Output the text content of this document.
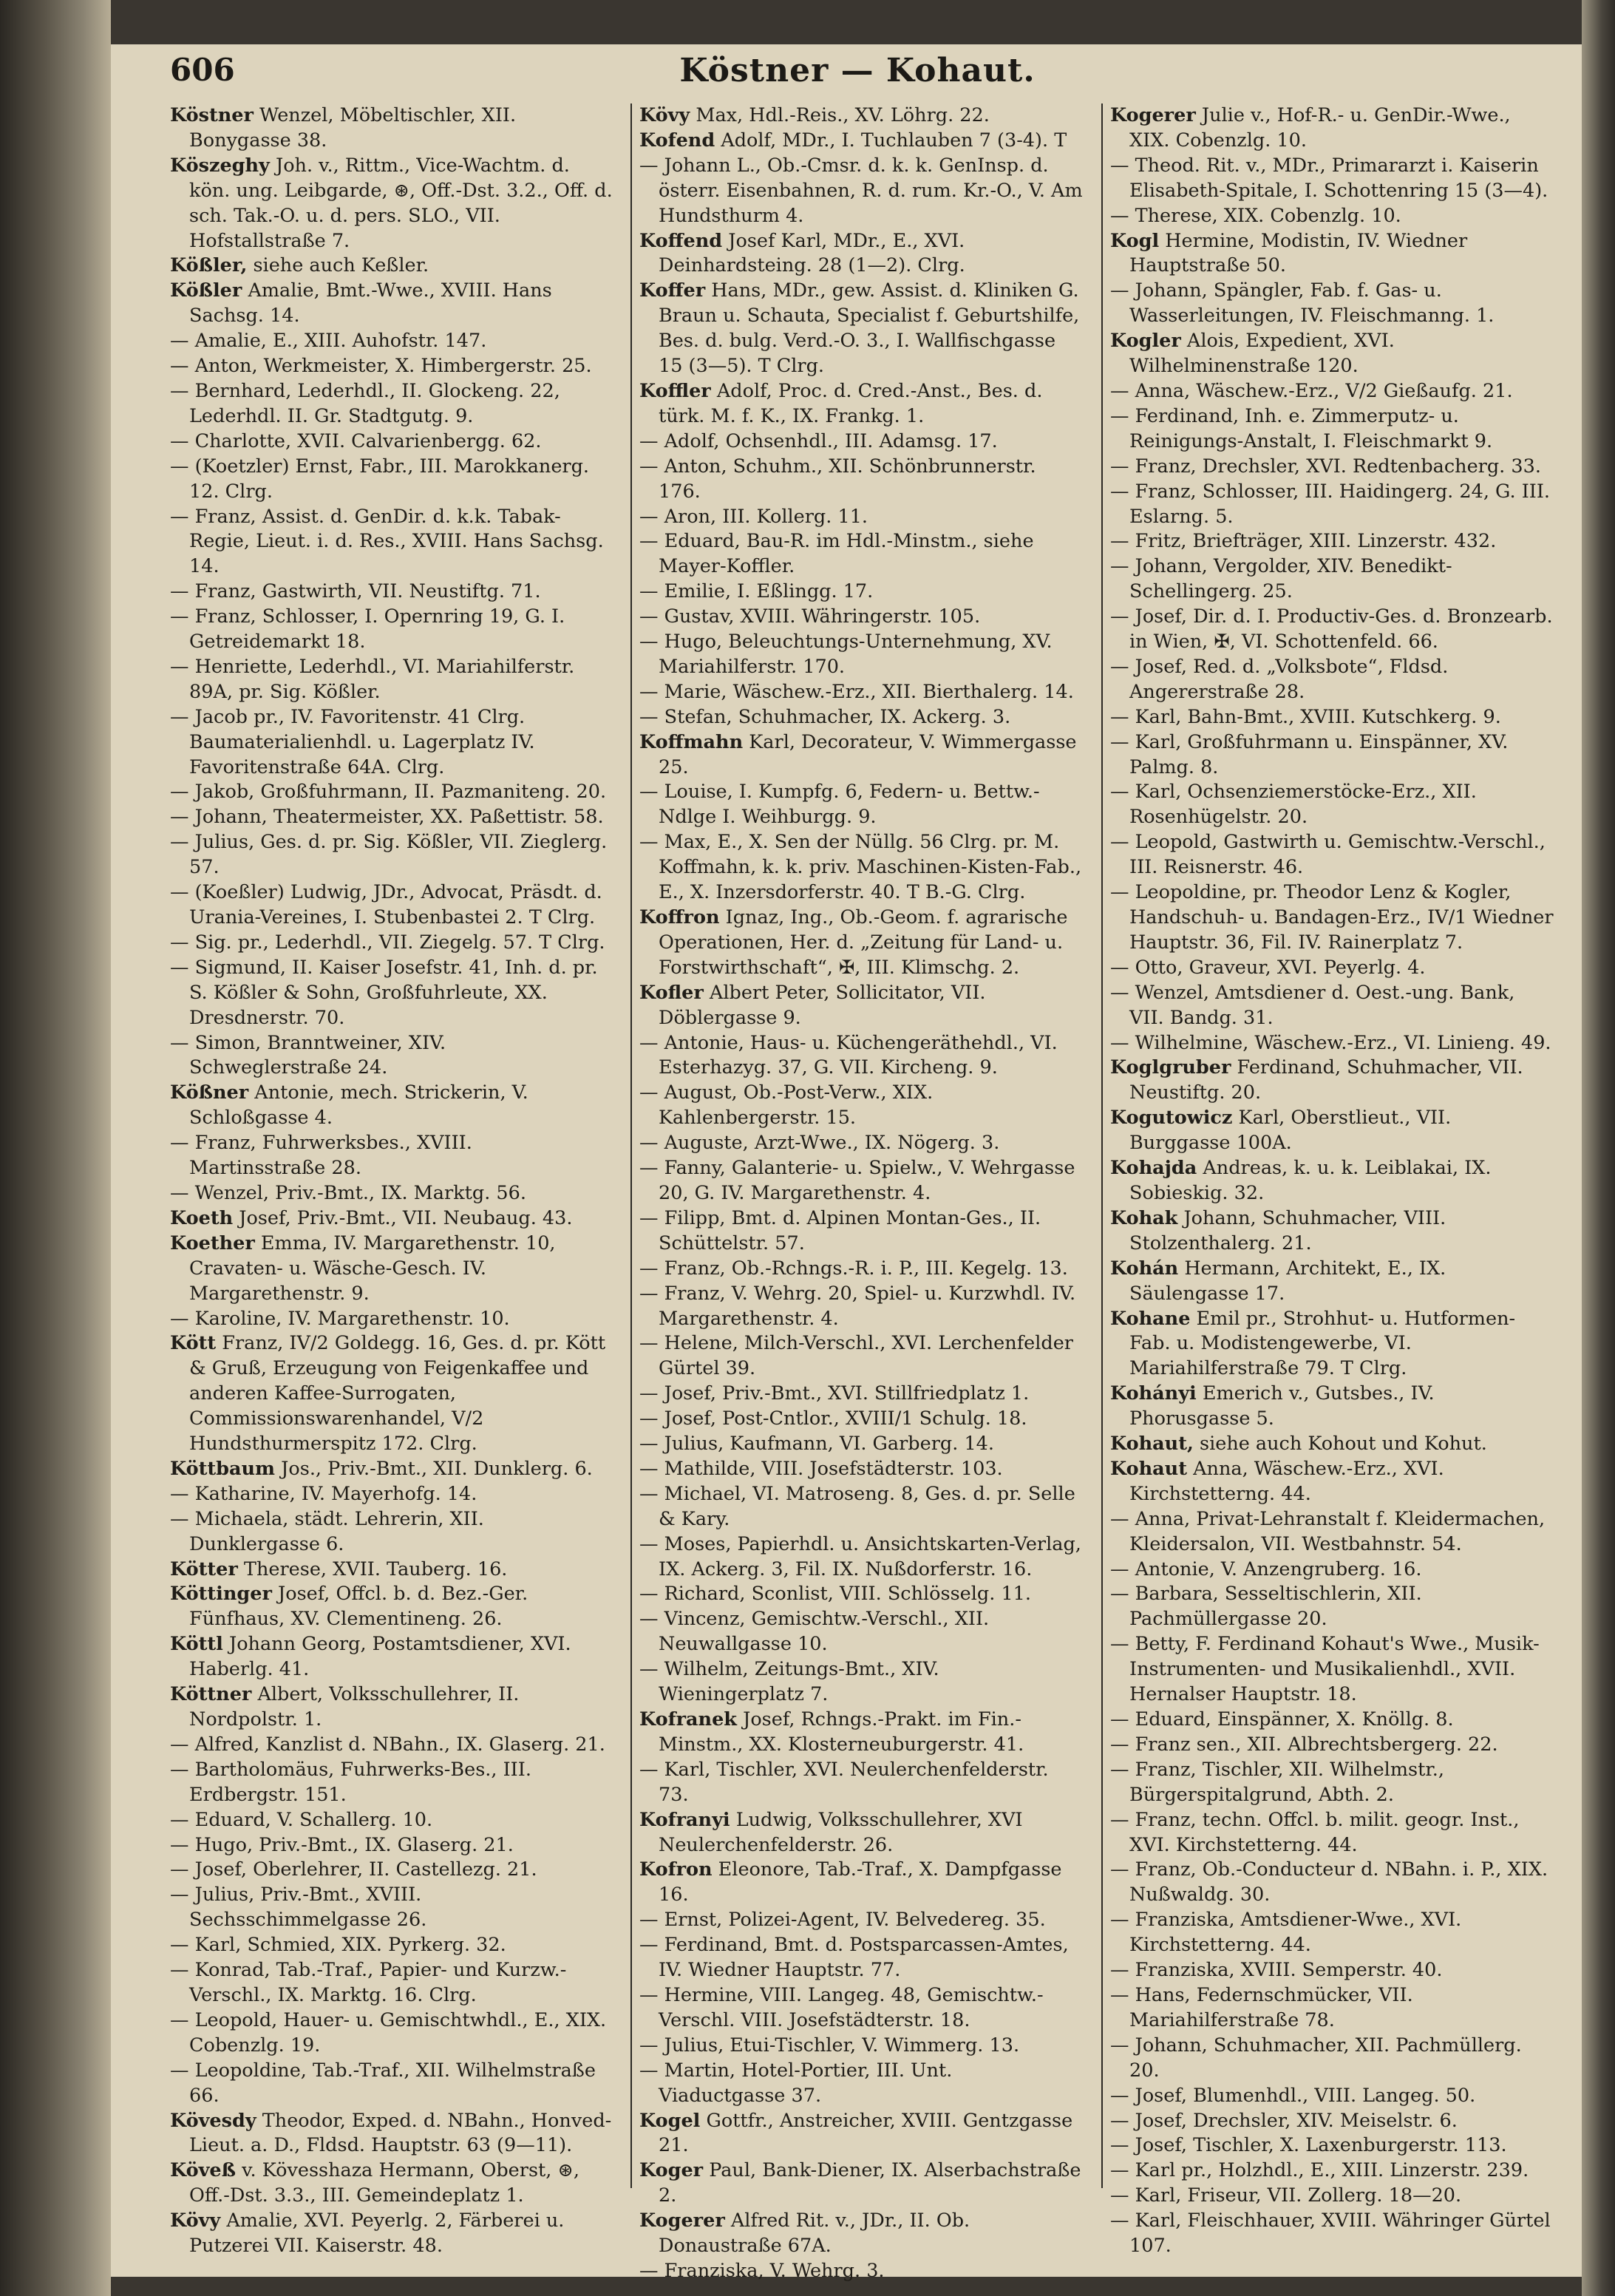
606	Köstner — Kohaut.

Köstner Wenzel, Möbeltischler, XII. Bonygasse 38.

Köszeghy Joh. v., Rittm., Vice-Wachtm. d. kön. ung. Leibgarde, ⊛, Off.-Dst. 3.2., Off. d. sch. Tak.-O. u. d. pers. SLO., VII. Hofstallstraße 7.

Kößler, siehe auch Keßler.

Kößler Amalie, Bmt.-Wwe., XVIII. Hans Sachsg. 14.

— Amalie, E., XIII. Auhofstr. 147.

— Anton, Werkmeister, X. Himbergerstr. 25.

— Bernhard, Lederhdl., II. Glockeng. 22, Lederhdl. II. Gr. Stadtgutg. 9.

— Charlotte, XVII. Calvarienbergg. 62.

— (Koetzler) Ernst, Fabr., III. Marokkanerg. 12. Clrg.

— Franz, Assist. d. GenDir. d. k.k. Tabak-Regie, Lieut. i. d. Res., XVIII. Hans Sachsg. 14.

— Franz, Gastwirth, VII. Neustiftg. 71.

— Franz, Schlosser, I. Opernring 19, G. I. Getreidemarkt 18.

— Henriette, Lederhdl., VI. Mariahilferstr. 89A, pr. Sig. Kößler.

— Jacob pr., IV. Favoritenstr. 41 Clrg. Baumaterialienhdl. u. Lagerplatz IV. Favoritenstraße 64A. Clrg.

— Jakob, Großfuhrmann, II. Pazmaniteng. 20.

— Johann, Theatermeister, XX. Paßettistr. 58.

— Julius, Ges. d. pr. Sig. Kößler, VII. Zieglerg. 57.

— (Koeßler) Ludwig, JDr., Advocat, Präsdt. d. Urania-Vereines, I. Stubenbastei 2. T Clrg.

— Sig. pr., Lederhdl., VII. Ziegelg. 57. T Clrg.

— Sigmund, II. Kaiser Josefstr. 41, Inh. d. pr. S. Kößler & Sohn, Großfuhrleute, XX. Dresdnerstr. 70.

— Simon, Branntweiner, XIV. Schweglerstraße 24.

Kößner Antonie, mech. Strickerin, V. Schloßgasse 4.

— Franz, Fuhrwerksbes., XVIII. Martinsstraße 28.

— Wenzel, Priv.-Bmt., IX. Marktg. 56.

Koeth Josef, Priv.-Bmt., VII. Neubaug. 43.

Koether Emma, IV. Margarethenstr. 10, Cravaten- u. Wäsche-Gesch. IV. Margarethenstr. 9.

— Karoline, IV. Margarethenstr. 10.

Kött Franz, IV/2 Goldegg. 16, Ges. d. pr. Kött & Gruß, Erzeugung von Feigenkaffee und anderen Kaffee-Surrogaten, Commissionswarenhandel, V/2 Hundsthurmerspitz 172. Clrg.

Köttbaum Jos., Priv.-Bmt., XII. Dunklerg. 6.

— Katharine, IV. Mayerhofg. 14.

— Michaela, städt. Lehrerin, XII. Dunklergasse 6.

Kötter Therese, XVII. Tauberg. 16.

Köttinger Josef, Offcl. b. d. Bez.-Ger. Fünfhaus, XV. Clementineng. 26.

Köttl Johann Georg, Postamtsdiener, XVI. Haberlg. 41.

Köttner Albert, Volksschullehrer, II. Nordpolstr. 1.

— Alfred, Kanzlist d. NBahn., IX. Glaserg. 21.

— Bartholomäus, Fuhrwerks-Bes., III. Erdbergstr. 151.

— Eduard, V. Schallerg. 10.

— Hugo, Priv.-Bmt., IX. Glaserg. 21.

— Josef, Oberlehrer, II. Castellezg. 21.

— Julius, Priv.-Bmt., XVIII. Sechsschimmelgasse 26.

— Karl, Schmied, XIX. Pyrkerg. 32.

— Konrad, Tab.-Traf., Papier- und Kurzw.-Verschl., IX. Marktg. 16. Clrg.

— Leopold, Hauer- u. Gemischtwhdl., E., XIX. Cobenzlg. 19.

— Leopoldine, Tab.-Traf., XII. Wilhelmstraße 66.

Kövesdy Theodor, Exped. d. NBahn., Honved-Lieut. a. D., Fldsd. Hauptstr. 63 (9—11).

Köveß v. Kövesshaza Hermann, Oberst, ⊛, Off.-Dst. 3.3., III. Gemeindeplatz 1.

Kövy Amalie, XVI. Peyerlg. 2, Färberei u. Putzerei VII. Kaiserstr. 48.

Kövy Max, Hdl.-Reis., XV. Löhrg. 22.

Kofend Adolf, MDr., I. Tuchlauben 7 (3-4). T

— Johann L., Ob.-Cmsr. d. k. k. GenInsp. d. österr. Eisenbahnen, R. d. rum. Kr.-O., V. Am Hundsthurm 4.

Koffend Josef Karl, MDr., E., XVI. Deinhardsteing. 28 (1—2). Clrg.

Koffer Hans, MDr., gew. Assist. d. Kliniken G. Braun u. Schauta, Specialist f. Geburtshilfe, Bes. d. bulg. Verd.-O. 3., I. Wallfischgasse 15 (3—5). T Clrg.

Koffler Adolf, Proc. d. Cred.-Anst., Bes. d. türk. M. f. K., IX. Frankg. 1.

— Adolf, Ochsenhdl., III. Adamsg. 17.

— Anton, Schuhm., XII. Schönbrunnerstr. 176.

— Aron, III. Kollerg. 11.

— Eduard, Bau-R. im Hdl.-Minstm., siehe Mayer-Koffler.

— Emilie, I. Eßlingg. 17.

— Gustav, XVIII. Währingerstr. 105.

— Hugo, Beleuchtungs-Unternehmung, XV. Mariahilferstr. 170.

— Marie, Wäschew.-Erz., XII. Bierthalerg. 14.

— Stefan, Schuhmacher, IX. Ackerg. 3.

Koffmahn Karl, Decorateur, V. Wimmergasse 25.

— Louise, I. Kumpfg. 6, Federn- u. Bettw.-Ndlge I. Weihburgg. 9.

— Max, E., X. Sen der Nüllg. 56 Clrg. pr. M. Koffmahn, k. k. priv. Maschinen-Kisten-Fab., E., X. Inzersdorferstr. 40. T B.-G. Clrg.

Koffron Ignaz, Ing., Ob.-Geom. f. agrarische Operationen, Her. d. „Zeitung für Land- u. Forstwirthschaft“, ✠, III. Klimschg. 2.

Kofler Albert Peter, Sollicitator, VII. Döblergasse 9.

— Antonie, Haus- u. Küchengeräthehdl., VI. Esterhazyg. 37, G. VII. Kircheng. 9.

— August, Ob.-Post-Verw., XIX. Kahlenbergerstr. 15.

— Auguste, Arzt-Wwe., IX. Nögerg. 3.

— Fanny, Galanterie- u. Spielw., V. Wehrgasse 20, G. IV. Margarethenstr. 4.

— Filipp, Bmt. d. Alpinen Montan-Ges., II. Schüttelstr. 57.

— Franz, Ob.-Rchngs.-R. i. P., III. Kegelg. 13.

— Franz, V. Wehrg. 20, Spiel- u. Kurzwhdl. IV. Margarethenstr. 4.

— Helene, Milch-Verschl., XVI. Lerchenfelder Gürtel 39.

— Josef, Priv.-Bmt., XVI. Stillfriedplatz 1.

— Josef, Post-Cntlor., XVIII/1 Schulg. 18.

— Julius, Kaufmann, VI. Garberg. 14.

— Mathilde, VIII. Josefstädterstr. 103.

— Michael, VI. Matroseng. 8, Ges. d. pr. Selle & Kary.

— Moses, Papierhdl. u. Ansichtskarten-Verlag, IX. Ackerg. 3, Fil. IX. Nußdorferstr. 16.

— Richard, Sconlist, VIII. Schlösselg. 11.

— Vincenz, Gemischtw.-Verschl., XII. Neuwallgasse 10.

— Wilhelm, Zeitungs-Bmt., XIV. Wieningerplatz 7.

Kofranek Josef, Rchngs.-Prakt. im Fin.-Minstm., XX. Klosterneuburgerstr. 41.

— Karl, Tischler, XVI. Neulerchenfelderstr. 73.

Kofranyi Ludwig, Volksschullehrer, XVI Neulerchenfelderstr. 26.

Kofron Eleonore, Tab.-Traf., X. Dampfgasse 16.

— Ernst, Polizei-Agent, IV. Belvedereg. 35.

— Ferdinand, Bmt. d. Postsparcassen-Amtes, IV. Wiedner Hauptstr. 77.

— Hermine, VIII. Langeg. 48, Gemischtw.-Verschl. VIII. Josefstädterstr. 18.

— Julius, Etui-Tischler, V. Wimmerg. 13.

— Martin, Hotel-Portier, III. Unt. Viaductgasse 37.

Kogel Gottfr., Anstreicher, XVIII. Gentzgasse 21.

Koger Paul, Bank-Diener, IX. Alserbachstraße 2.

Kogerer Alfred Rit. v., JDr., II. Ob. Donaustraße 67A.

— Franziska, V. Wehrg. 3.

Kogerer Julie v., Hof-R.- u. GenDir.-Wwe., XIX. Cobenzlg. 10.

— Theod. Rit. v., MDr., Primararzt i. Kaiserin Elisabeth-Spitale, I. Schottenring 15 (3—4).

— Therese, XIX. Cobenzlg. 10.

Kogl Hermine, Modistin, IV. Wiedner Hauptstraße 50.

— Johann, Spängler, Fab. f. Gas- u. Wasserleitungen, IV. Fleischmanng. 1.

Kogler Alois, Expedient, XVI. Wilhelminenstraße 120.

— Anna, Wäschew.-Erz., V/2 Gießaufg. 21.

— Ferdinand, Inh. e. Zimmerputz- u. Reinigungs-Anstalt, I. Fleischmarkt 9.

— Franz, Drechsler, XVI. Redtenbacherg. 33.

— Franz, Schlosser, III. Haidingerg. 24, G. III. Eslarng. 5.

— Fritz, Briefträger, XIII. Linzerstr. 432.

— Johann, Vergolder, XIV. Benedikt-Schellingerg. 25.

— Josef, Dir. d. I. Productiv-Ges. d. Bronzearb. in Wien, ✠, VI. Schottenfeld. 66.

— Josef, Red. d. „Volksbote“, Fldsd. Angererstraße 28.

— Karl, Bahn-Bmt., XVIII. Kutschkerg. 9.

— Karl, Großfuhrmann u. Einspänner, XV. Palmg. 8.

— Karl, Ochsenziemerstöcke-Erz., XII. Rosenhügelstr. 20.

— Leopold, Gastwirth u. Gemischtw.-Verschl., III. Reisnerstr. 46.

— Leopoldine, pr. Theodor Lenz & Kogler, Handschuh- u. Bandagen-Erz., IV/1 Wiedner Hauptstr. 36, Fil. IV. Rainerplatz 7.

— Otto, Graveur, XVI. Peyerlg. 4.

— Wenzel, Amtsdiener d. Oest.-ung. Bank, VII. Bandg. 31.

— Wilhelmine, Wäschew.-Erz., VI. Linieng. 49.

Koglgruber Ferdinand, Schuhmacher, VII. Neustiftg. 20.

Kogutowicz Karl, Oberstlieut., VII. Burggasse 100A.

Kohajda Andreas, k. u. k. Leiblakai, IX. Sobieskig. 32.

Kohak Johann, Schuhmacher, VIII. Stolzenthalerg. 21.

Kohán Hermann, Architekt, E., IX. Säulengasse 17.

Kohane Emil pr., Strohhut- u. Hutformen-Fab. u. Modistengewerbe, VI. Mariahilferstraße 79. T Clrg.

Kohányi Emerich v., Gutsbes., IV. Phorusgasse 5.

Kohaut, siehe auch Kohout und Kohut.

Kohaut Anna, Wäschew.-Erz., XVI. Kirchstetterng. 44.

— Anna, Privat-Lehranstalt f. Kleidermachen, Kleidersalon, VII. Westbahnstr. 54.

— Antonie, V. Anzengruberg. 16.

— Barbara, Sesseltischlerin, XII. Pachmüllergasse 20.

— Betty, F. Ferdinand Kohaut's Wwe., Musik-Instrumenten- und Musikalienhdl., XVII. Hernalser Hauptstr. 18.

— Eduard, Einspänner, X. Knöllg. 8.

— Franz sen., XII. Albrechtsbergerg. 22.

— Franz, Tischler, XII. Wilhelmstr., Bürgerspitalgrund, Abth. 2.

— Franz, techn. Offcl. b. milit. geogr. Inst., XVI. Kirchstetterng. 44.

— Franz, Ob.-Conducteur d. NBahn. i. P., XIX. Nußwaldg. 30.

— Franziska, Amtsdiener-Wwe., XVI. Kirchstetterng. 44.

— Franziska, XVIII. Semperstr. 40.

— Hans, Federnschmücker, VII. Mariahilferstraße 78.

— Johann, Schuhmacher, XII. Pachmüllerg. 20.

— Josef, Blumenhdl., VIII. Langeg. 50.

— Josef, Drechsler, XIV. Meiselstr. 6.

— Josef, Tischler, X. Laxenburgerstr. 113.

— Karl pr., Holzhdl., E., XIII. Linzerstr. 239.

— Karl, Friseur, VII. Zollerg. 18—20.

— Karl, Fleischhauer, XVIII. Währinger Gürtel 107.
